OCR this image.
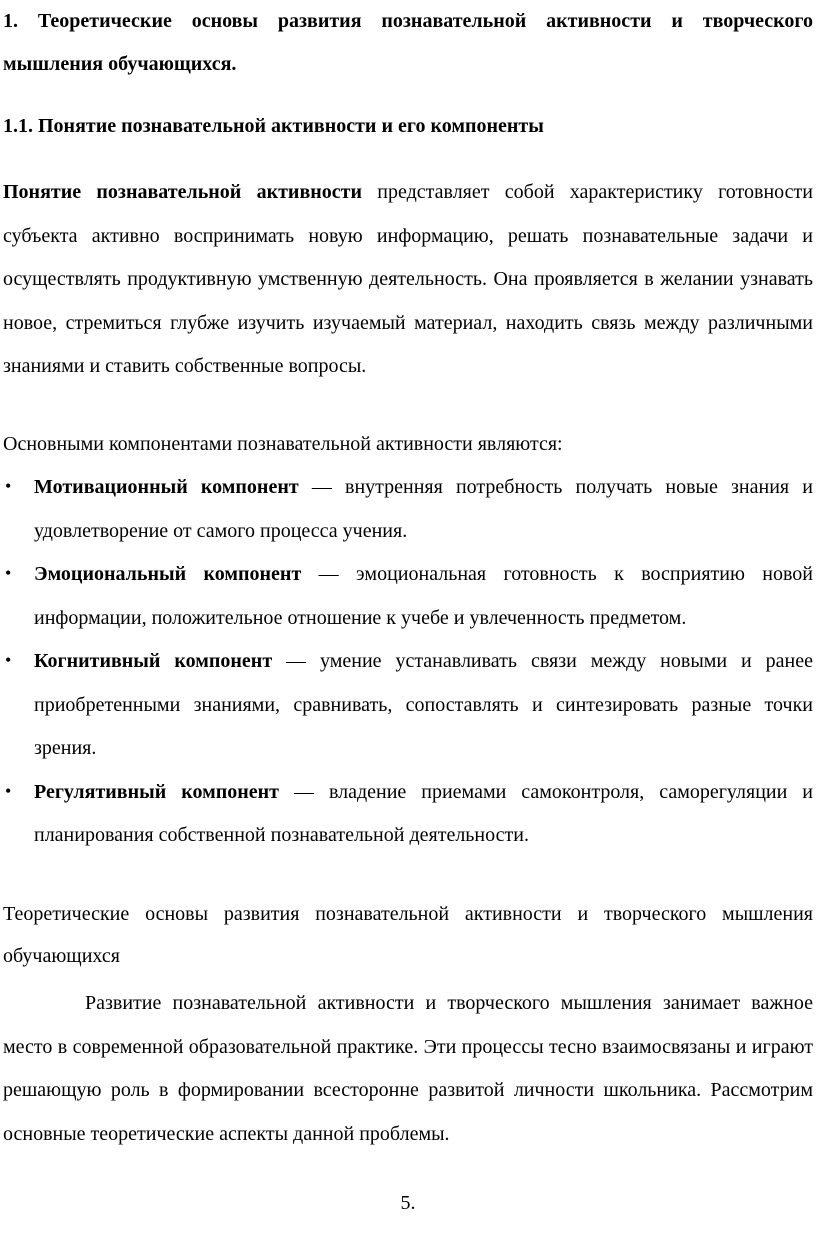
1. Теоретические основы развития познавательной активности и творческого мышления обучающихся.

1.1. Понятие познавательной активности и его компоненты

Понятие познавательной активности представляет собой характеристику готовности субъекта активно воспринимать новую информацию, решать познавательные задачи и осуществлять продуктивную умственную деятельность. Она проявляется в желании узнавать новое, стремиться глубже изучить изучаемый материал, находить связь между различными знаниями и ставить собственные вопросы.

Основными компонентами познавательной активности являются:

• Мотивационный компонент — внутренняя потребность получать новые знания и удовлетворение от самого процесса учения.
• Эмоциональный компонент — эмоциональная готовность к восприятию новой информации, положительное отношение к учебе и увлеченность предметом.
• Когнитивный компонент — умение устанавливать связи между новыми и ранее приобретенными знаниями, сравнивать, сопоставлять и синтезировать разные точки зрения.
• Регулятивный компонент — владение приемами самоконтроля, саморегуляции и планирования собственной познавательной деятельности.

Теоретические основы развития познавательной активности и творческого мышления обучающихся

Развитие познавательной активности и творческого мышления занимает важное место в современной образовательной практике. Эти процессы тесно взаимосвязаны и играют решающую роль в формировании всесторонне развитой личности школьника. Рассмотрим основные теоретические аспекты данной проблемы.

5.
